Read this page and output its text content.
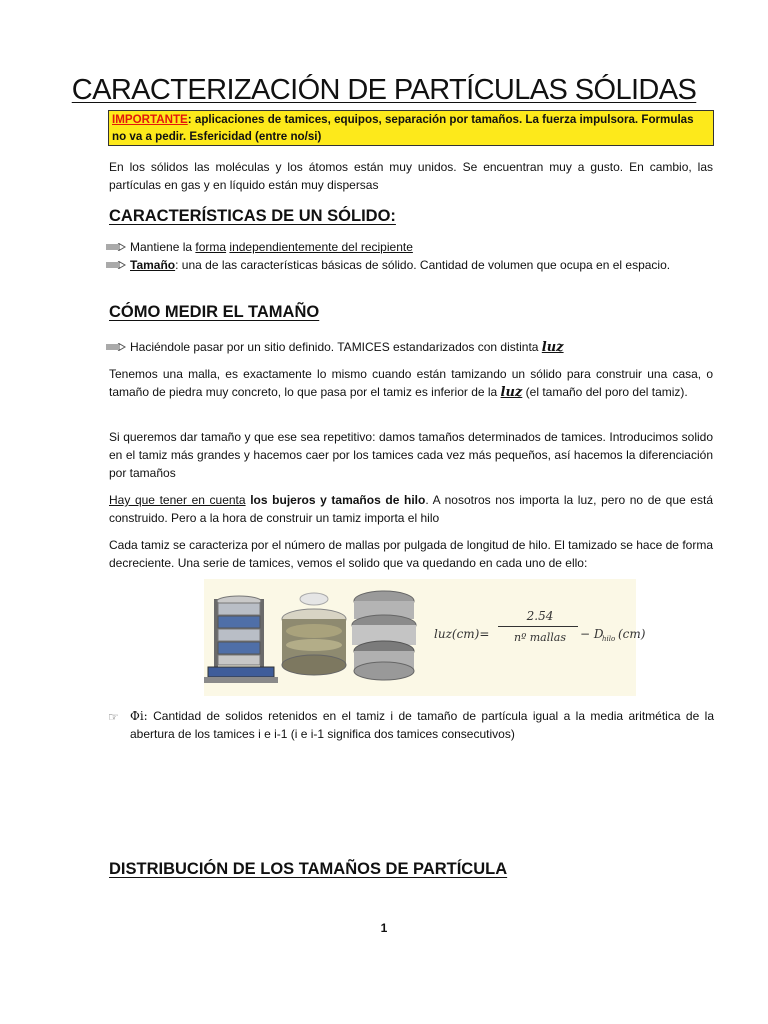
CARACTERIZACIÓN DE PARTÍCULAS SÓLIDAS
IMPORTANTE: aplicaciones de tamices, equipos, separación por tamaños. La fuerza impulsora. Formulas no va a pedir. Esfericidad (entre no/si)
En los sólidos las moléculas y los átomos están muy unidos. Se encuentran muy a gusto. En cambio, las partículas en gas y en líquido están muy dispersas
CARACTERÍSTICAS DE UN SÓLIDO:
Mantiene la forma independientemente del recipiente
Tamaño: una de las características básicas de sólido. Cantidad de volumen que ocupa en el espacio.
CÓMO MEDIR EL TAMAÑO
Haciéndole pasar por un sitio definido. TAMICES estandarizados con distinta luz
Tenemos una malla, es exactamente lo mismo cuando están tamizando un sólido para construir una casa, o tamaño de piedra muy concreto, lo que pasa por el tamiz es inferior de la luz (el tamaño del poro del tamiz).
Si queremos dar tamaño y que ese sea repetitivo: damos tamaños determinados de tamices. Introducimos solido en el tamiz más grandes y hacemos caer por los tamices cada vez más pequeños, así hacemos la diferenciación por tamaños
Hay que tener en cuenta los bujeros y tamaños de hilo. A nosotros nos importa la luz, pero no de que está construido. Pero a la hora de construir un tamiz importa el hilo
Cada tamiz se caracteriza por el número de mallas por pulgada de longitud de hilo. El tamizado se hace de forma decreciente. Una serie de tamices, vemos el solido que va quedando en cada uno de ello:
luz(cm)=
2.54
nº mallas	− D
hilo (cm)
☞ Φi: Cantidad de solidos retenidos en el tamiz i de tamaño de partícula igual a la media aritmética de la abertura de los tamices i e i-1 (i e i-1 significa dos tamices consecutivos)
DISTRIBUCIÓN DE LOS TAMAÑOS DE PARTÍCULA
1
